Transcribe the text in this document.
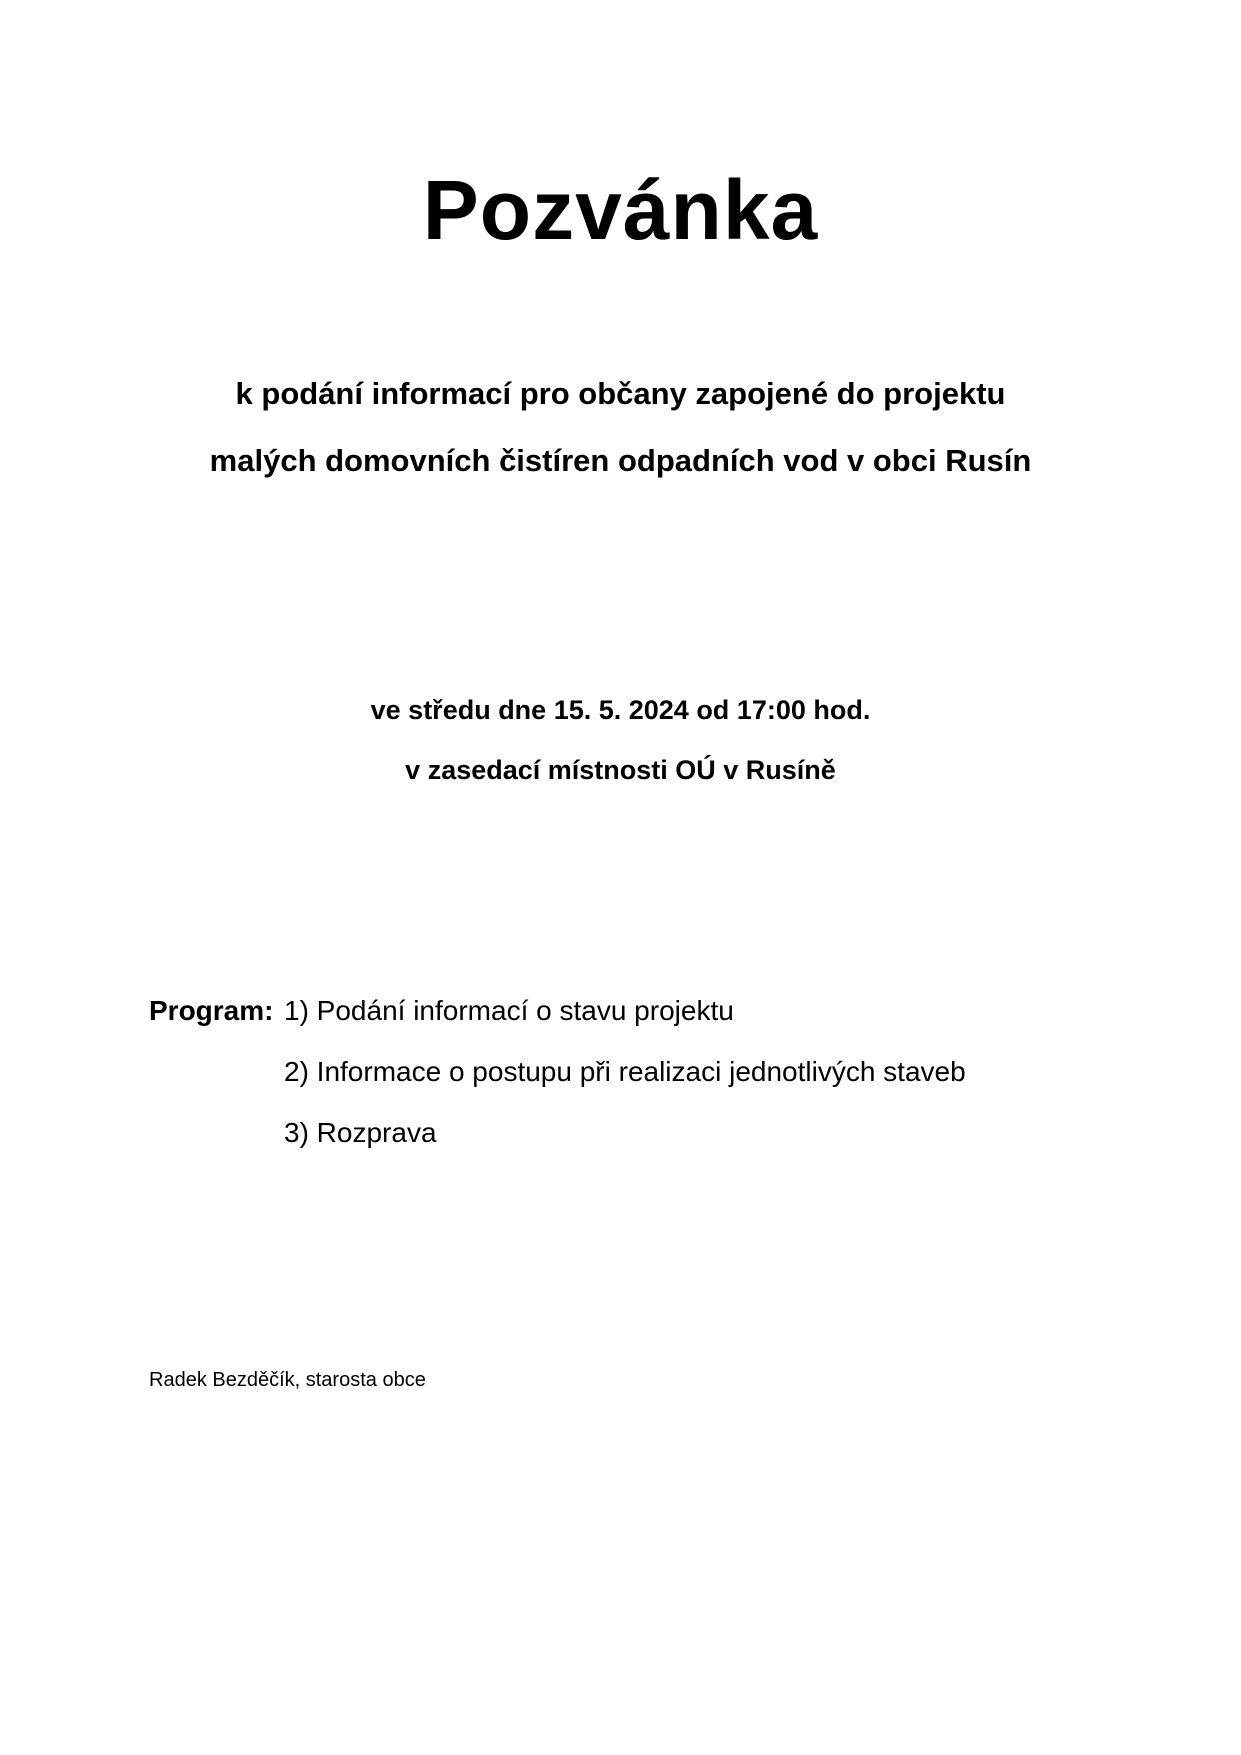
Pozvánka
k podání informací pro občany zapojené do projektu
malých domovních čistíren odpadních vod v obci Rusín
ve středu dne 15. 5. 2024 od 17:00 hod.
v zasedací místnosti OÚ v Rusíně
Program: 1) Podání informací o stavu projektu
2) Informace o postupu při realizaci jednotlivých staveb
3) Rozprava
Radek Bezděčík, starosta obce
